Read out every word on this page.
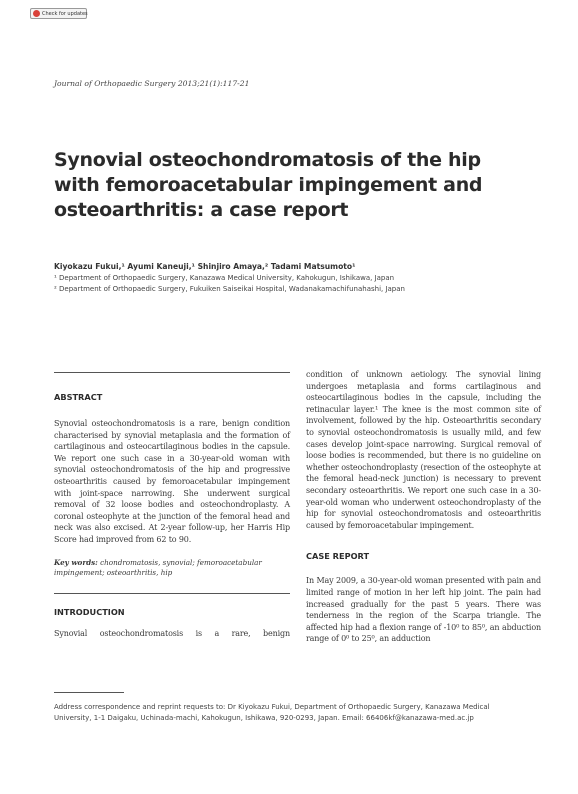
Check for updates
Journal of Orthopaedic Surgery 2013;21(1):117-21
Synovial osteochondromatosis of the hip
with femoroacetabular impingement and
osteoarthritis: a case report
Kiyokazu Fukui,¹ Ayumi Kaneuji,¹ Shinjiro Amaya,² Tadami Matsumoto¹
¹ Department of Orthopaedic Surgery, Kanazawa Medical University, Kahokugun, Ishikawa, Japan
² Department of Orthopaedic Surgery, Fukuiken Saiseikai Hospital, Wadanakamachifunahashi, Japan
ABSTRACT

Synovial osteochondromatosis is a rare, benign condition characterised by synovial metaplasia and the formation of cartilaginous and osteocartilaginous bodies in the capsule. We report one such case in a 30-year-old woman with synovial osteochondromatosis of the hip and progressive osteoarthritis caused by femoroacetabular impingement with joint-space narrowing. She underwent surgical removal of 32 loose bodies and osteochondroplasty. A coronal osteophyte at the junction of the femoral head and neck was also excised. At 2-year follow-up, her Harris Hip Score had improved from 62 to 90.

Key words: chondromatosis, synovial; femoroacetabular impingement; osteoarthritis, hip

INTRODUCTION

Synovial osteochondromatosis is a rare, benign

condition of unknown aetiology. The synovial lining undergoes metaplasia and forms cartilaginous and osteocartilaginous bodies in the capsule, including the retinacular layer.¹ The knee is the most common site of involvement, followed by the hip. Osteoarthritis secondary to synovial osteochondromatosis is usually mild, and few cases develop joint-space narrowing. Surgical removal of loose bodies is recommended, but there is no guideline on whether osteochondroplasty (resection of the osteophyte at the femoral head-neck junction) is necessary to prevent secondary osteoarthritis. We report one such case in a 30-year-old woman who underwent osteochondroplasty of the hip for synovial osteochondromatosis and osteoarthritis caused by femoroacetabular impingement.

CASE REPORT

In May 2009, a 30-year-old woman presented with pain and limited range of motion in her left hip joint. The pain had increased gradually for the past 5 years. There was tenderness in the region of the Scarpa triangle. The affected hip had a flexion range of -10⁰ to 85⁰, an abduction range of 0⁰ to 25⁰, an adduction

Address correspondence and reprint requests to: Dr Kiyokazu Fukui, Department of Orthopaedic Surgery, Kanazawa Medical University, 1-1 Daigaku, Uchinada-machi, Kahokugun, Ishikawa, 920-0293, Japan. Email: 66406kf@kanazawa-med.ac.jp
